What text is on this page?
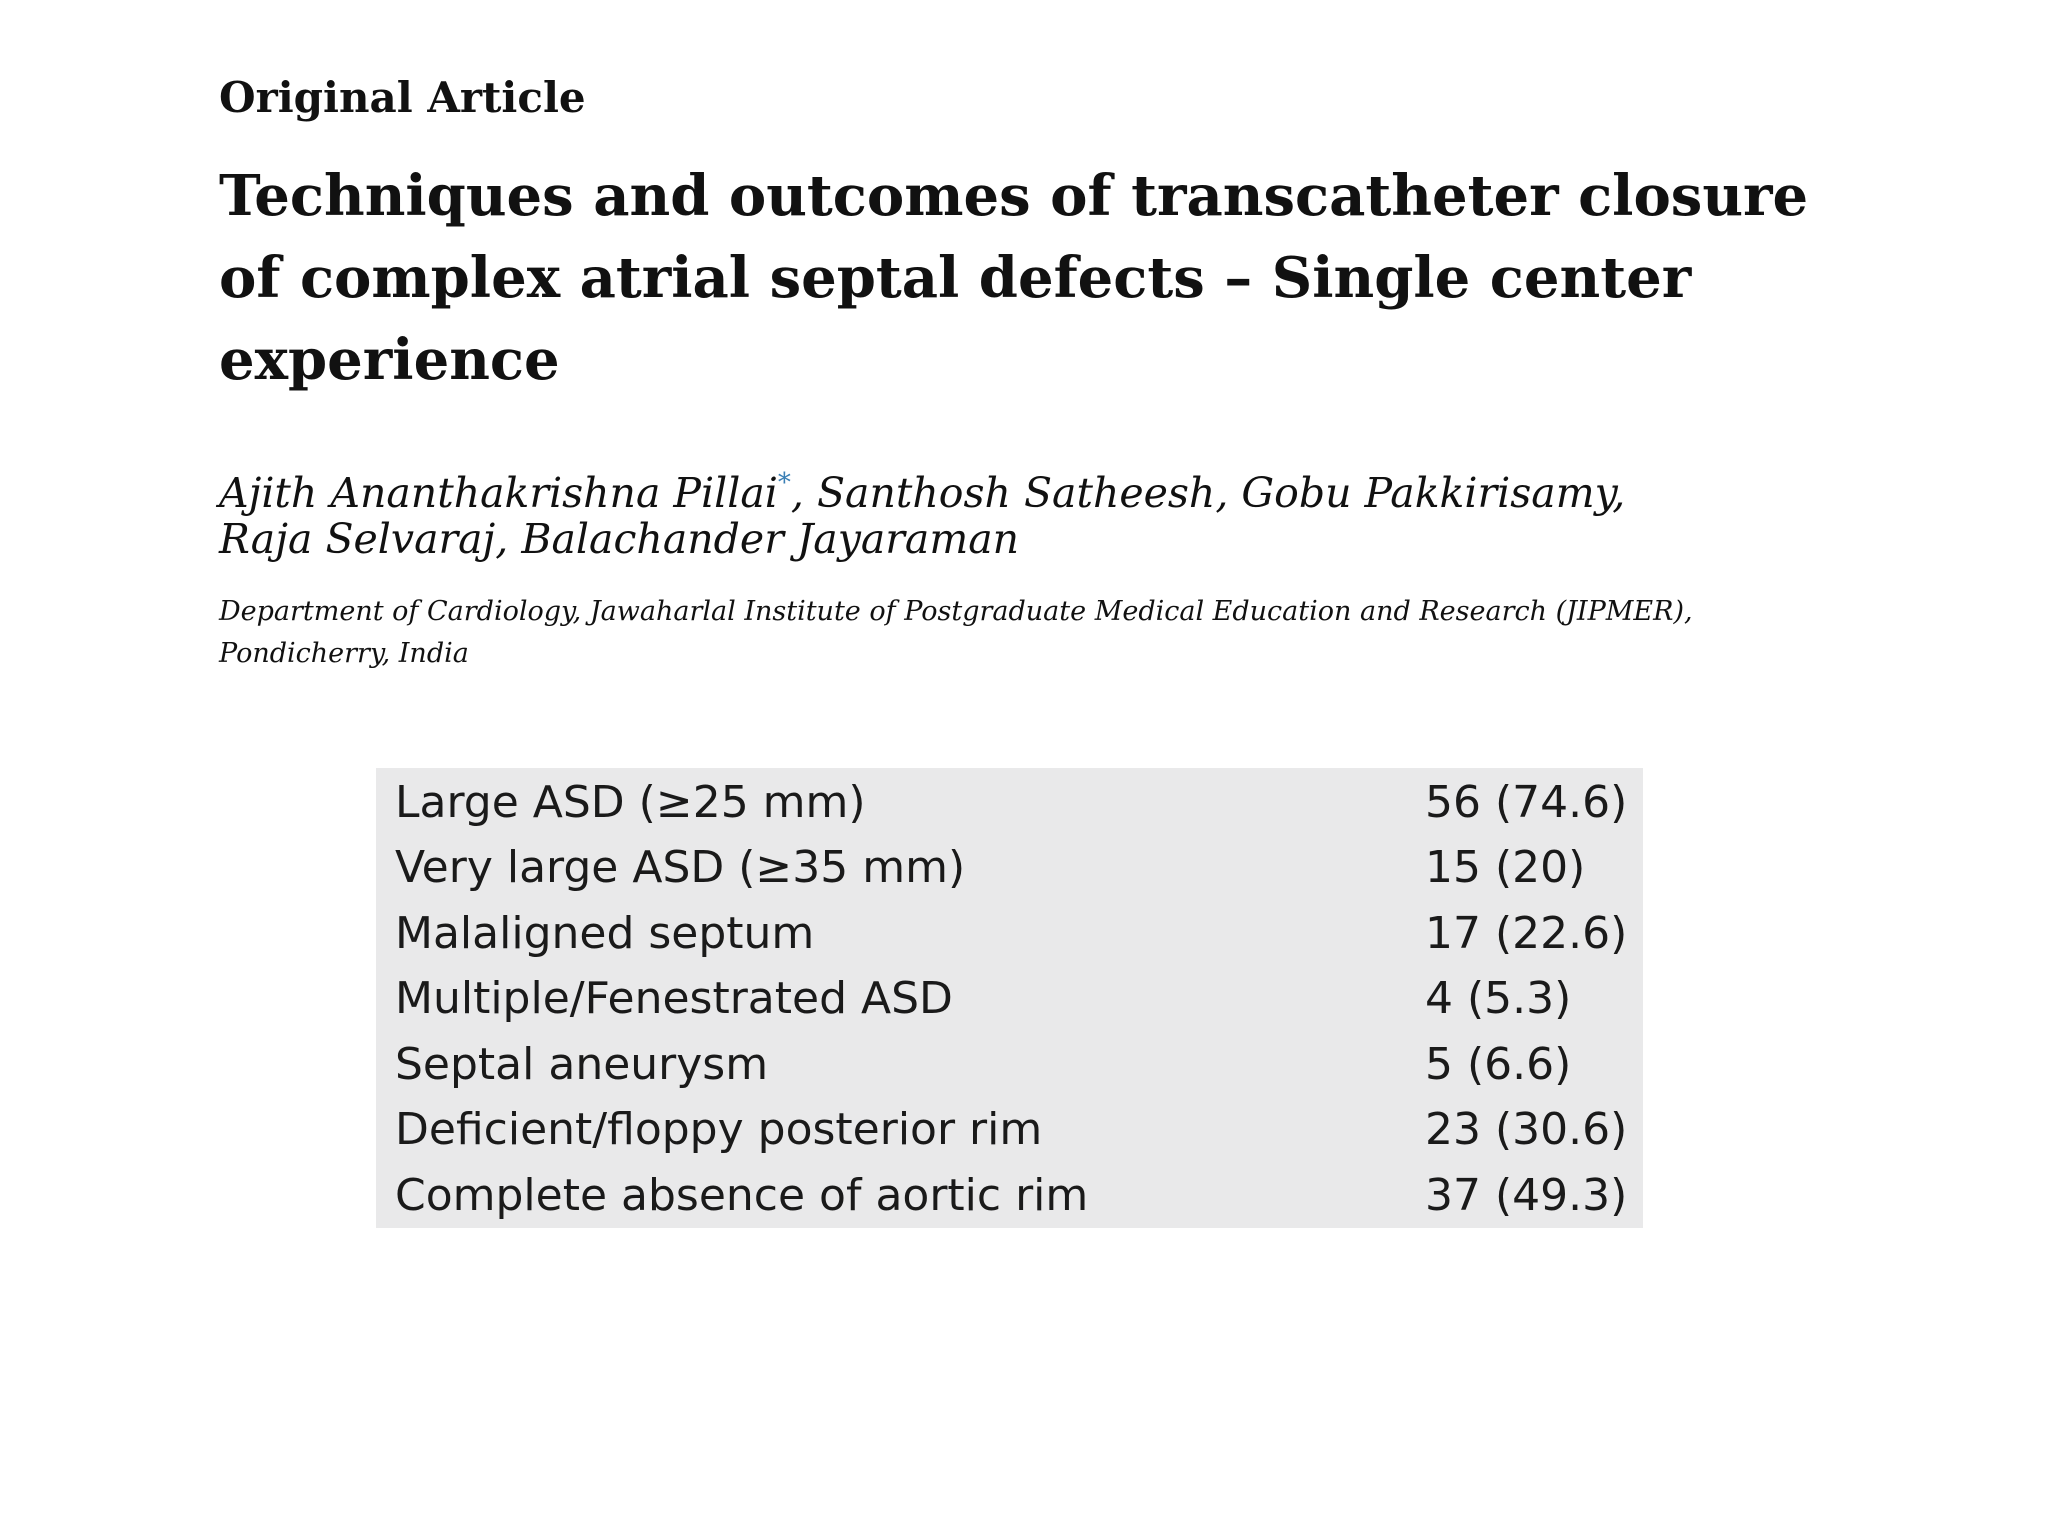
Original Article
Techniques and outcomes of transcatheter closure
of complex atrial septal defects – Single center
experience
Ajith Ananthakrishna Pillai*, Santhosh Satheesh, Gobu Pakkirisamy,
Raja Selvaraj, Balachander Jayaraman
Department of Cardiology, Jawaharlal Institute of Postgraduate Medical Education and Research (JIPMER),
Pondicherry, India
Large ASD (≥25 mm)	56 (74.6)
Very large ASD (≥35 mm)	15 (20)
Malaligned septum	17 (22.6)
Multiple/Fenestrated ASD	4 (5.3)
Septal aneurysm	5 (6.6)
Deficient/floppy posterior rim	23 (30.6)
Complete absence of aortic rim	37 (49.3)
